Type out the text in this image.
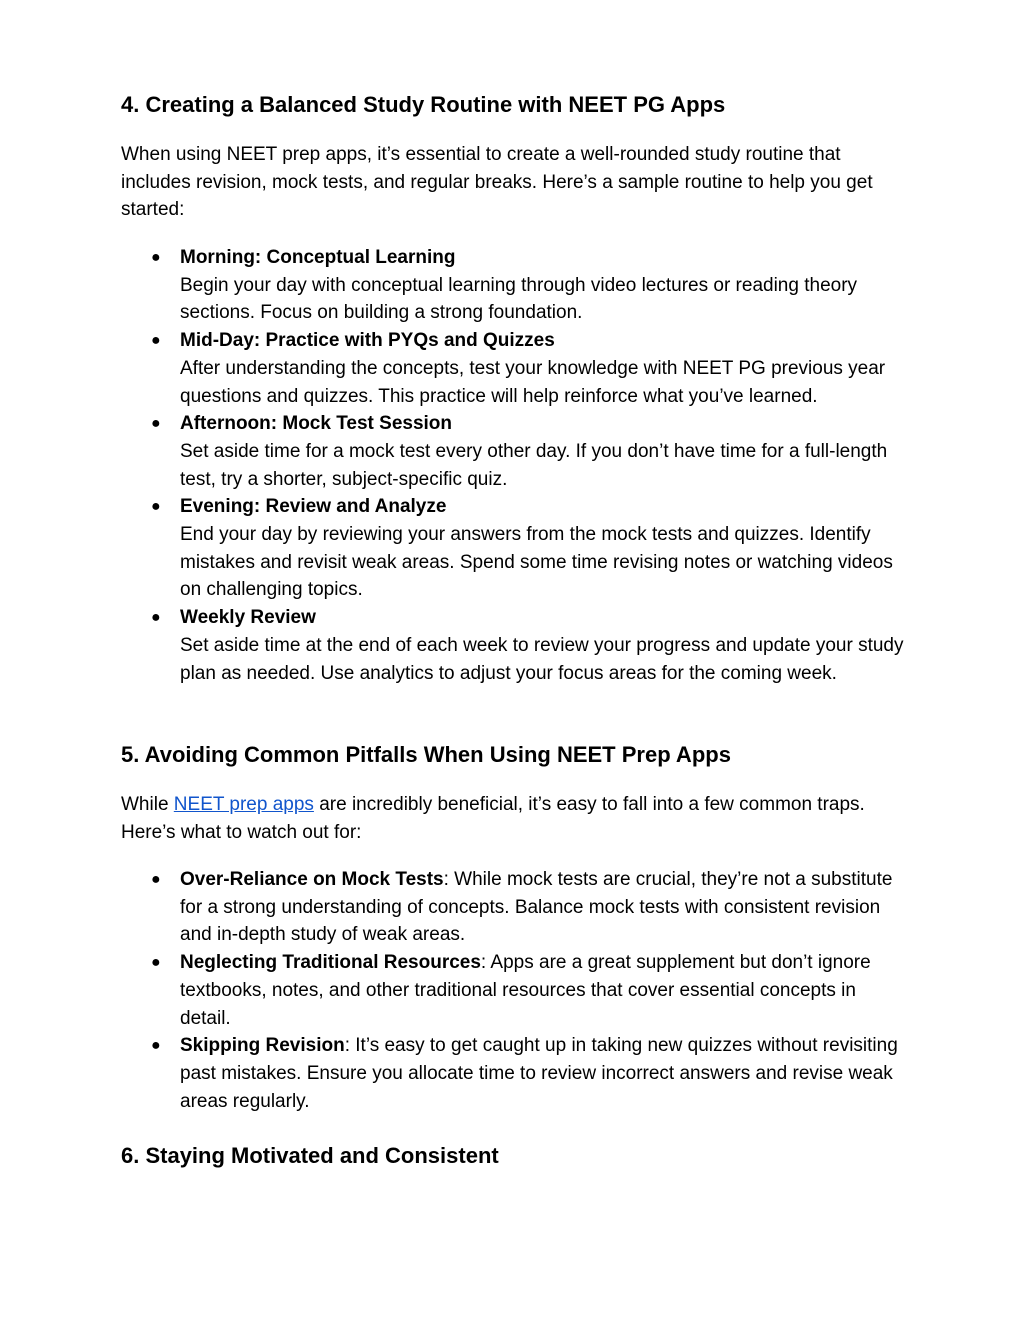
4. Creating a Balanced Study Routine with NEET PG Apps

When using NEET prep apps, it’s essential to create a well-rounded study routine that includes revision, mock tests, and regular breaks. Here’s a sample routine to help you get started:

● Morning: Conceptual Learning
Begin your day with conceptual learning through video lectures or reading theory sections. Focus on building a strong foundation.
● Mid-Day: Practice with PYQs and Quizzes
After understanding the concepts, test your knowledge with NEET PG previous year questions and quizzes. This practice will help reinforce what you’ve learned.
● Afternoon: Mock Test Session
Set aside time for a mock test every other day. If you don’t have time for a full-length test, try a shorter, subject-specific quiz.
● Evening: Review and Analyze
End your day by reviewing your answers from the mock tests and quizzes. Identify mistakes and revisit weak areas. Spend some time revising notes or watching videos on challenging topics.
● Weekly Review
Set aside time at the end of each week to review your progress and update your study plan as needed. Use analytics to adjust your focus areas for the coming week.
5. Avoiding Common Pitfalls When Using NEET Prep Apps

While NEET prep apps are incredibly beneficial, it’s easy to fall into a few common traps. Here’s what to watch out for:

● Over-Reliance on Mock Tests: While mock tests are crucial, they’re not a substitute for a strong understanding of concepts. Balance mock tests with consistent revision and in-depth study of weak areas.
● Neglecting Traditional Resources: Apps are a great supplement but don’t ignore textbooks, notes, and other traditional resources that cover essential concepts in detail.
● Skipping Revision: It’s easy to get caught up in taking new quizzes without revisiting past mistakes. Ensure you allocate time to review incorrect answers and revise weak areas regularly.
6. Staying Motivated and Consistent
